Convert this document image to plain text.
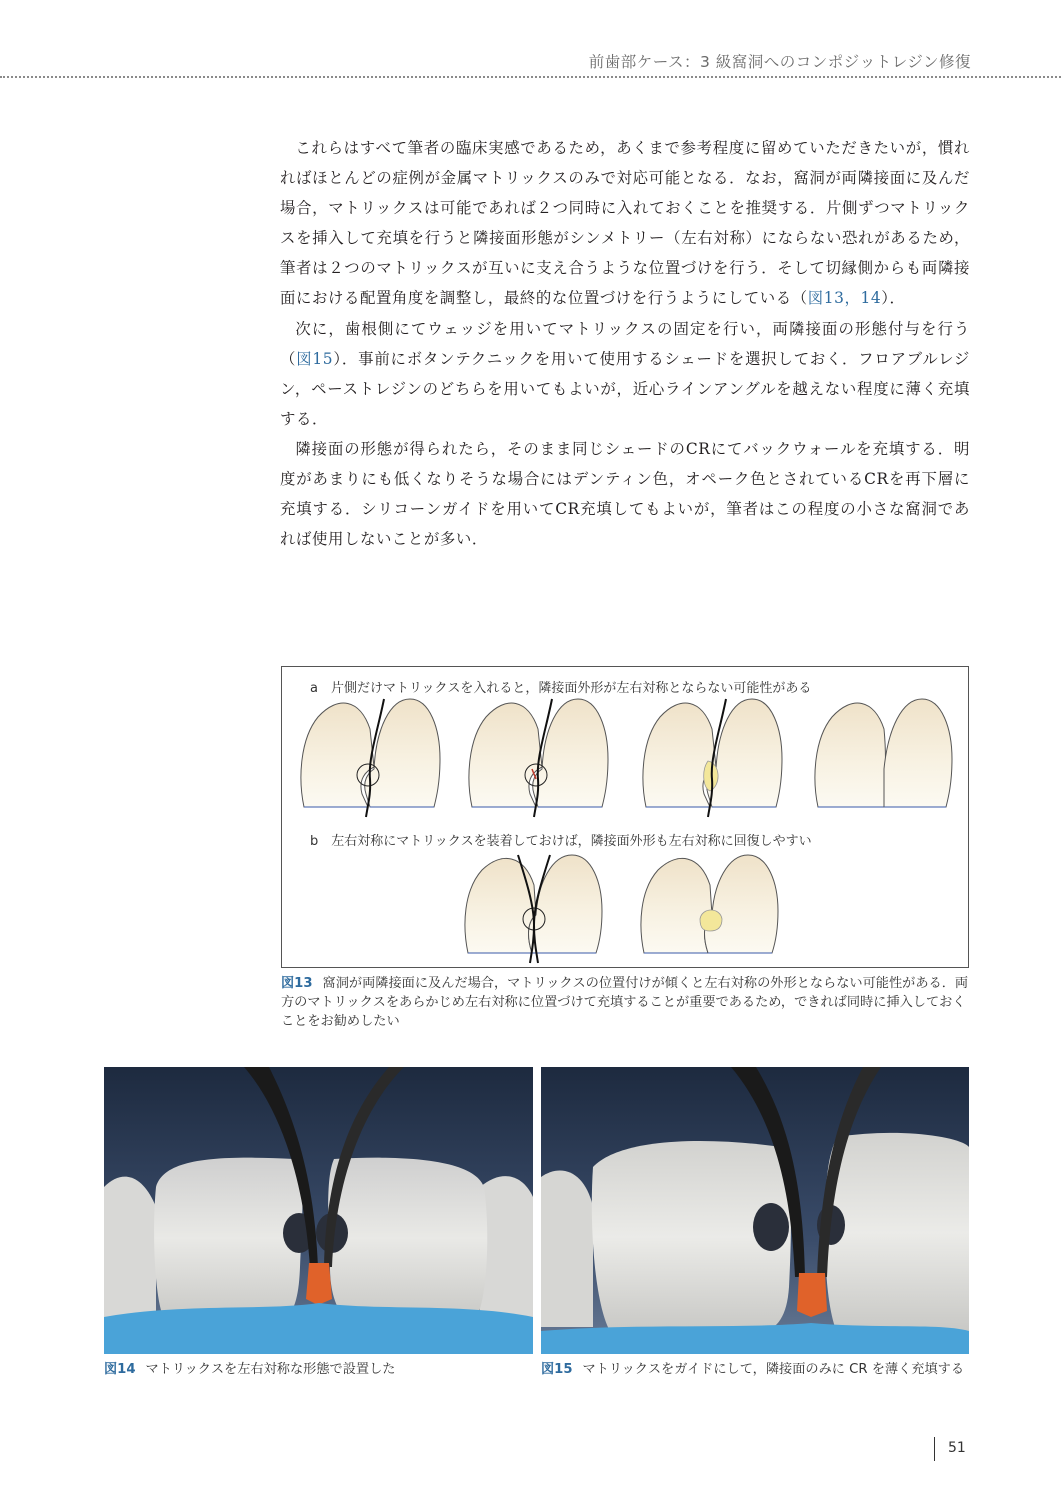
前歯部ケース：3 級窩洞へのコンポジットレジン修復

これらはすべて筆者の臨床実感であるため，あくまで参考程度に留めていただきたいが，慣れればほとんどの症例が金属マトリックスのみで対応可能となる．なお，窩洞が両隣接面に及んだ場合，マトリックスは可能であれば２つ同時に入れておくことを推奨する．片側ずつマトリックスを挿入して充填を行うと隣接面形態がシンメトリー（左右対称）にならない恐れがあるため，筆者は２つのマトリックスが互いに支え合うような位置づけを行う．そして切縁側からも両隣接面における配置角度を調整し，最終的な位置づけを行うようにしている（図13，14）．

次に，歯根側にてウェッジを用いてマトリックスの固定を行い，両隣接面の形態付与を行う（図15）．事前にボタンテクニックを用いて使用するシェードを選択しておく．フロアブルレジン，ペーストレジンのどちらを用いてもよいが，近心ラインアングルを越えない程度に薄く充填する．

隣接面の形態が得られたら，そのまま同じシェードのCRにてバックウォールを充填する．明度があまりにも低くなりそうな場合にはデンティン色，オペーク色とされているCRを再下層に充填する．シリコーンガイドを用いてCR充填してもよいが，筆者はこの程度の小さな窩洞であれば使用しないことが多い．

a　片側だけマトリックスを入れると，隣接面外形が左右対称とならない可能性がある
b　左右対称にマトリックスを装着しておけば，隣接面外形も左右対称に回復しやすい
図13 窩洞が両隣接面に及んだ場合，マトリックスの位置付けが傾くと左右対称の外形とならない可能性がある．両方のマトリックスをあらかじめ左右対称に位置づけて充填することが重要であるため，できれば同時に挿入しておくことをお勧めしたい
図14 マトリックスを左右対称な形態で設置した	図15 マトリックスをガイドにして，隣接面のみに CR を薄く充填する
51
